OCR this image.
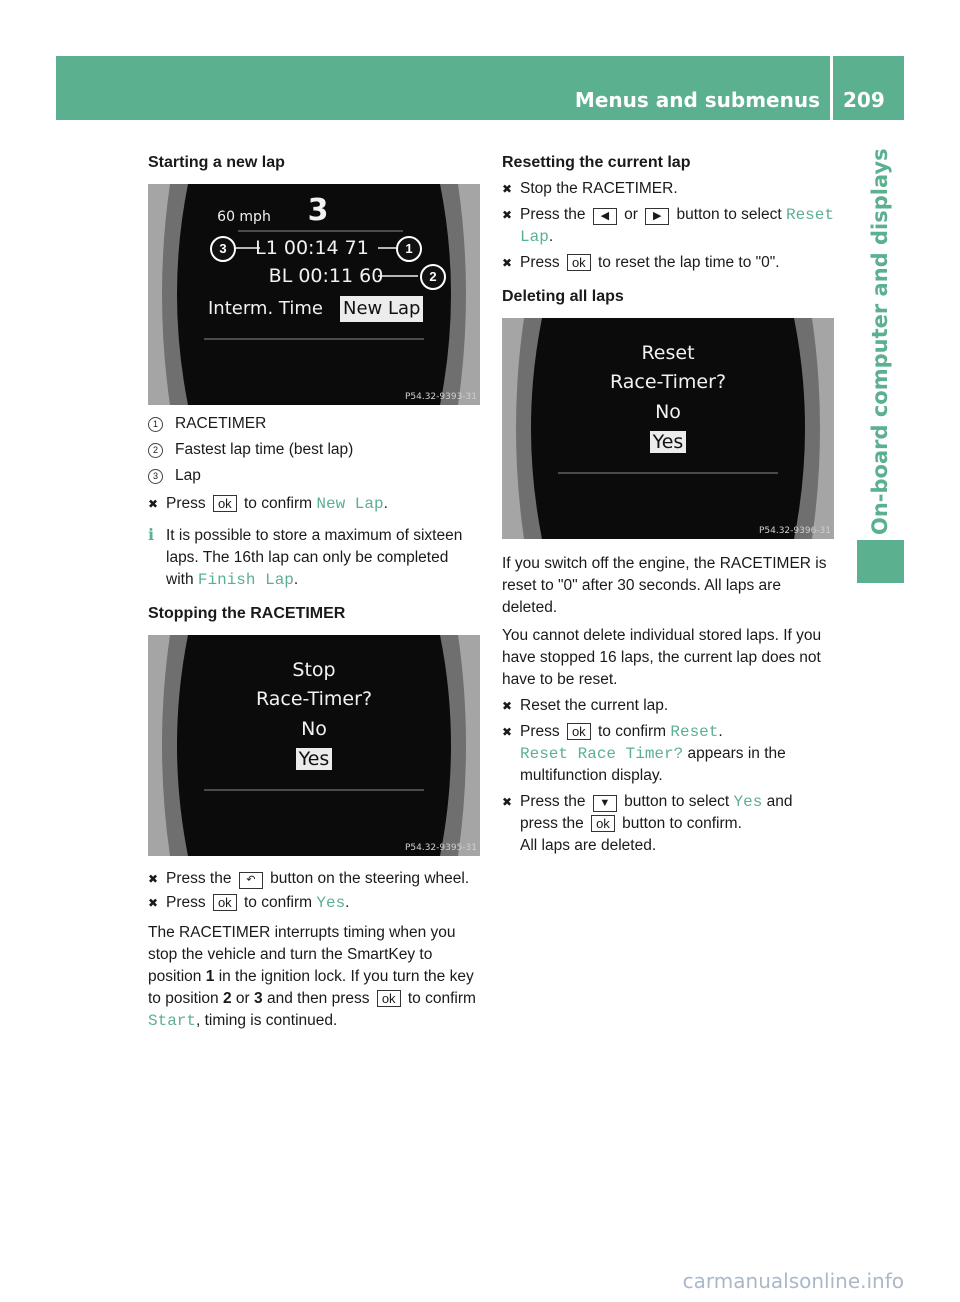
Menus and submenus 209
On-board computer and displays
Starting a new lap
60 mph	3
L1 00:14 71
BL 00:11 60
Interm. Time New Lap
3	1
2
P54.32-9393-31

1 RACETIMER

2 Fastest lap time (best lap)

3 Lap

✖ Press ok to confirm New Lap.
ℹ It is possible to store a maximum of sixteen laps. The 16th lap can only be completed with Finish Lap.
Stopping the RACETIMER
Stop
Race-Timer?
No
Yes
P54.32-9395-31
✖ Press the ↶ button on the steering wheel.
✖ Press ok to confirm Yes.

The RACETIMER interrupts timing when you stop the vehicle and turn the SmartKey to position 1 in the ignition lock. If you turn the key to position 2 or 3 and then press ok to confirm Start, timing is continued.

Resetting the current lap
✖ Stop the RACETIMER.
✖ Press the ◀ or ▶ button to select Reset Lap.
✖ Press ok to reset the lap time to "0".
Deleting all laps
Reset
Race-Timer?
No
Yes
P54.32-9396-31

If you switch off the engine, the RACETIMER is reset to "0" after 30 seconds. All laps are deleted.

You cannot delete individual stored laps. If you have stopped 16 laps, the current lap does not have to be reset.

✖ Reset the current lap.
✖ Press ok to confirm Reset.
Reset Race Timer? appears in the multifunction display.
✖ Press the ▼ button to select Yes and press the ok button to confirm.
All laps are deleted.
carmanualsonline.info
